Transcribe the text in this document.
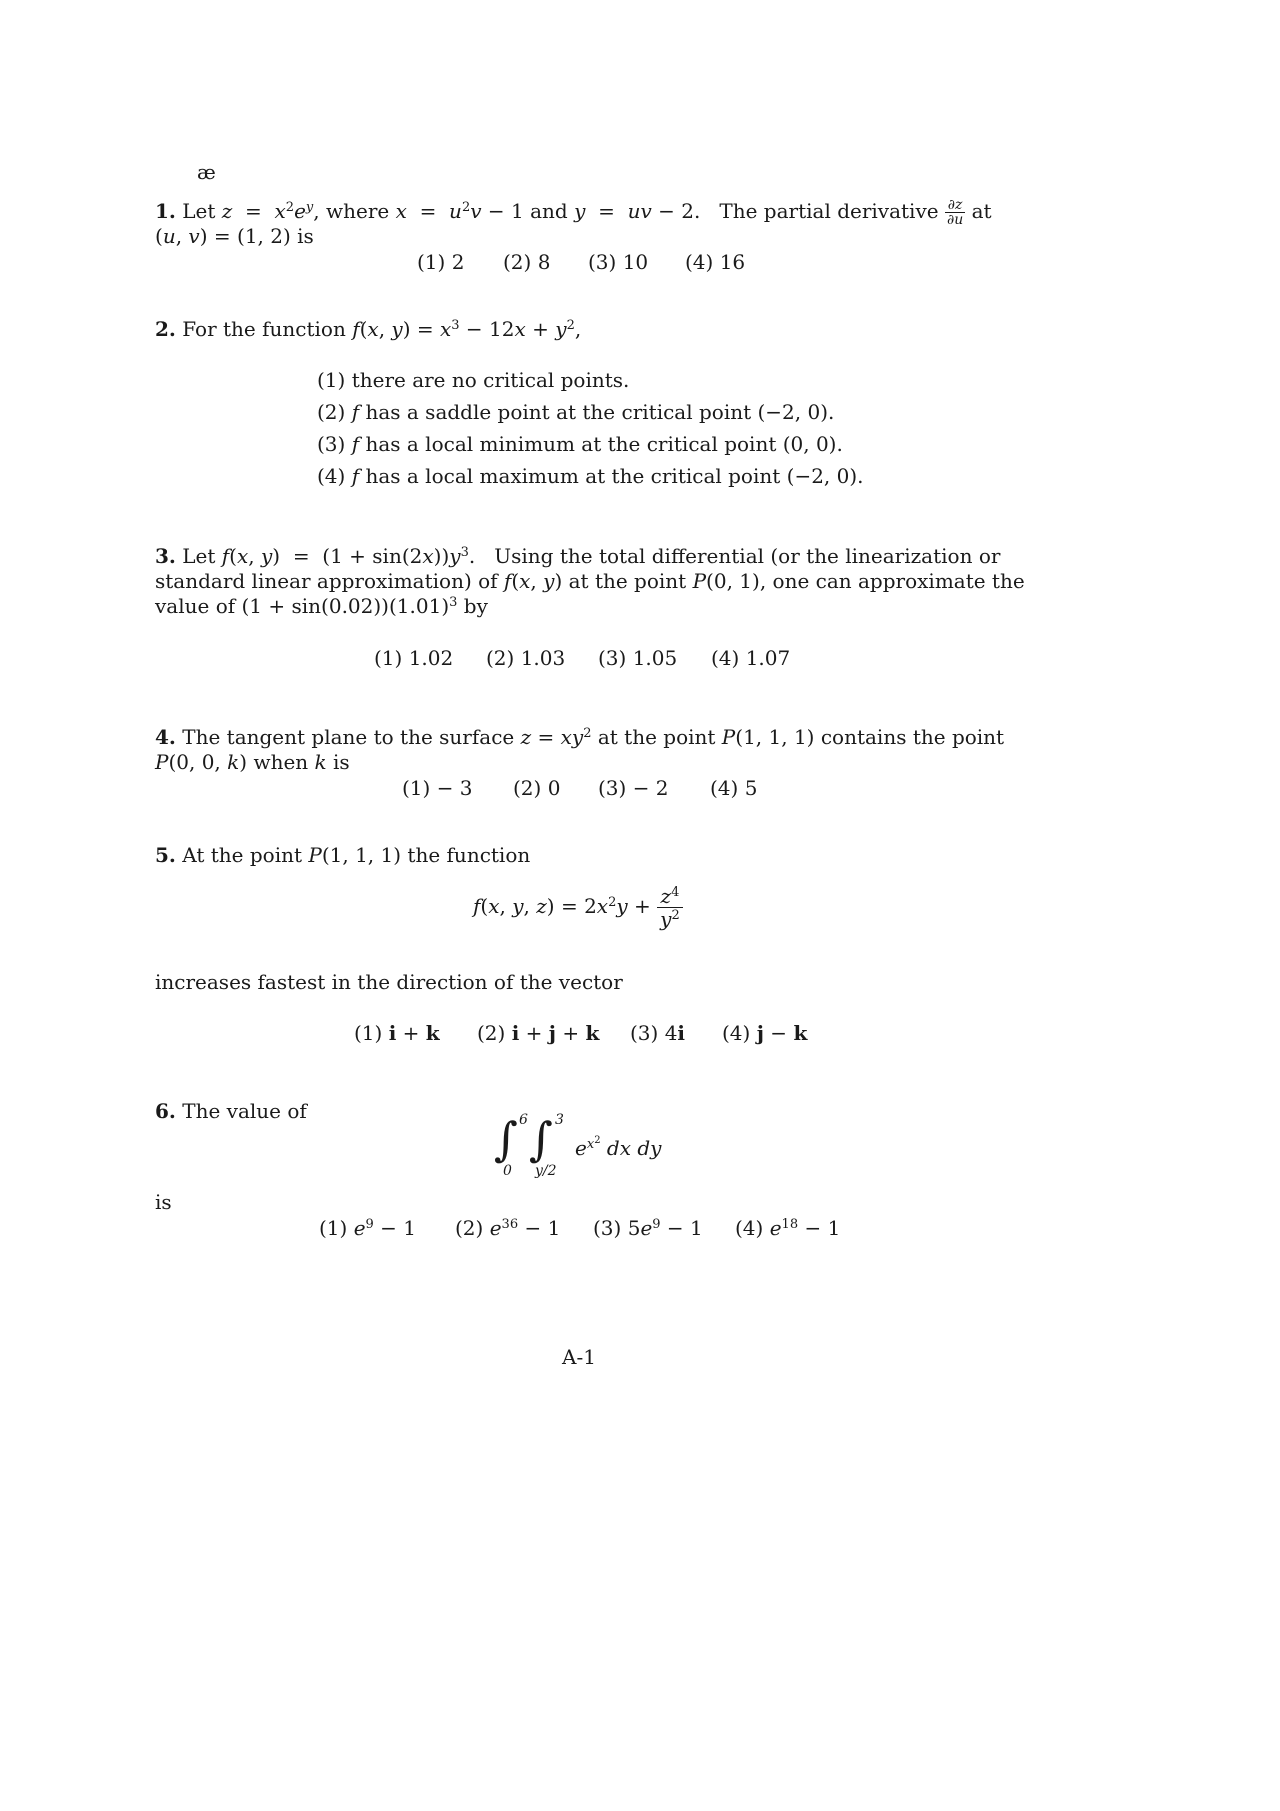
æ
1. Let $z = x^2e^y$, where $x = u^2v - 1$ and y  =  uv − 2.   The partial derivative $\frac{\partial z}{\partial u}$ at
(u, v) = (1, 2) is
(1) 2 (2) 8 (3) 10 (4) 16
2. For the function f(x, $y) = x^3 - 12x + y^2$,
(1) there are no critical points.
(2) f has a saddle point at the critical point (−2, 0).
(3) f has a local minimum at the critical point (0, 0).
(4) f has a local maximum at the critical point (−2, 0).
3. Let f(x, $y) = (1 + \sin(2x))y^3$.   Using the total differential (or the linearization or
standard linear approximation) of f(x, y) at the point P(0, 1), one can approximate the
value of $(1 + \sin(0.02))(1.01)^3$ by
(1) 1.02 (2) 1.03 (3) 1.05 (4) 1.07
4. The tangent plane to the surface $z = xy^2$ at the point P(1, 1, 1) contains the point
P(0, 0, k) when k is
(1) − 3 (2) 0 (3) − 2 (4) 5
5. At the point P(1, 1, 1) the function
f(x, y, $z) = 2x^2y + \frac{z^4}{y^2}$
increases fastest in the direction of the vector
(1) i + k (2) i + j + k (3) 4i (4) j − k
6. The value of
∫ 6
0
∫ 3
y/2
$e^{x^2}$ dx dy
is
(1) $e^9 - 1$ (2) $e^{36} - 1$ (3) $5e^9 - 1$ (4) $e^{18} - 1$
A-1
